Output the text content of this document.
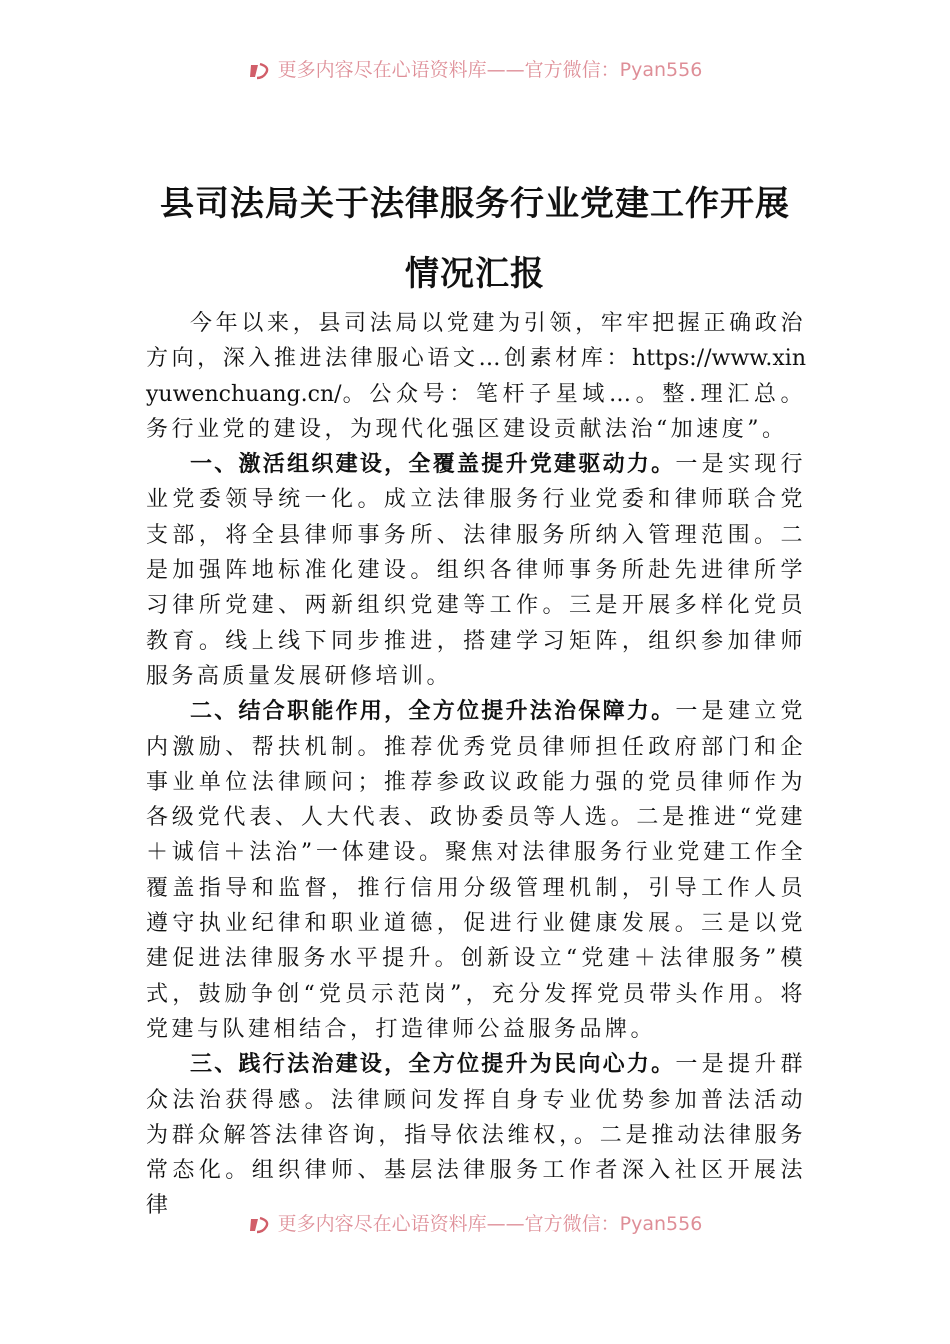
更多内容尽在心语资料库——官方微信：Pyan556
县司法局关于法律服务行业党建工作开展
情况汇报

今年以来，县司法局以党建为引领，牢牢把握正确政治方向，深入推进法律服心语文…创素材库：https://www.xinyuwenchuang.cn/。公众号：笔杆子星域…。整.理汇总。务行业党的建设，为现代化强区建设贡献法治“加速度”。

一、激活组织建设，全覆盖提升党建驱动力。一是实现行业党委领导统一化。成立法律服务行业党委和律师联合党支部，将全县律师事务所、法律服务所纳入管理范围。二是加强阵地标准化建设。组织各律师事务所赴先进律所学习律所党建、两新组织党建等工作。三是开展多样化党员教育。线上线下同步推进，搭建学习矩阵，组织参加律师服务高质量发展研修培训。

二、结合职能作用，全方位提升法治保障力。一是建立党内激励、帮扶机制。推荐优秀党员律师担任政府部门和企事业单位法律顾问；推荐参政议政能力强的党员律师作为各级党代表、人大代表、政协委员等人选。二是推进“党建＋诚信＋法治”一体建设。聚焦对法律服务行业党建工作全覆盖指导和监督，推行信用分级管理机制，引导工作人员遵守执业纪律和职业道德，促进行业健康发展。三是以党建促进法律服务水平提升。创新设立“党建＋法律服务”模式，鼓励争创“党员示范岗”，充分发挥党员带头作用。将党建与队建相结合，打造律师公益服务品牌。

三、践行法治建设，全方位提升为民向心力。一是提升群众法治获得感。法律顾问发挥自身专业优势参加普法活动为群众解答法律咨询，指导依法维权，。二是推动法律服务常态化。组织律师、基层法律服务工作者深入社区开展法律

更多内容尽在心语资料库——官方微信：Pyan556
